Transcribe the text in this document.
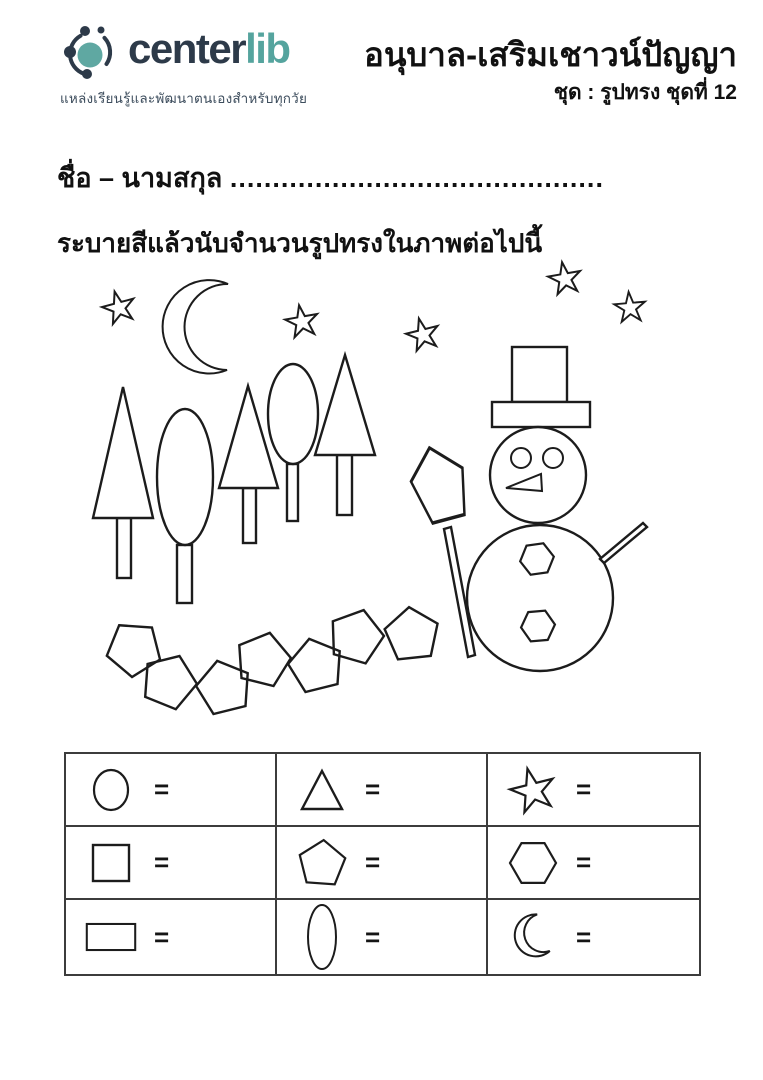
centerlib
แหล่งเรียนรู้และพัฒนาตนเองสำหรับทุกวัย
อนุบาล-เสริมเชาวน์ปัญญา
ชุด : รูปทรง ชุดที่ 12
ชื่อ – นามสกุล ............................................
ระบายสีแล้วนับจำนวนรูปทรงในภาพต่อไปนี้
=	=	=
=	=	=
=	=	=
